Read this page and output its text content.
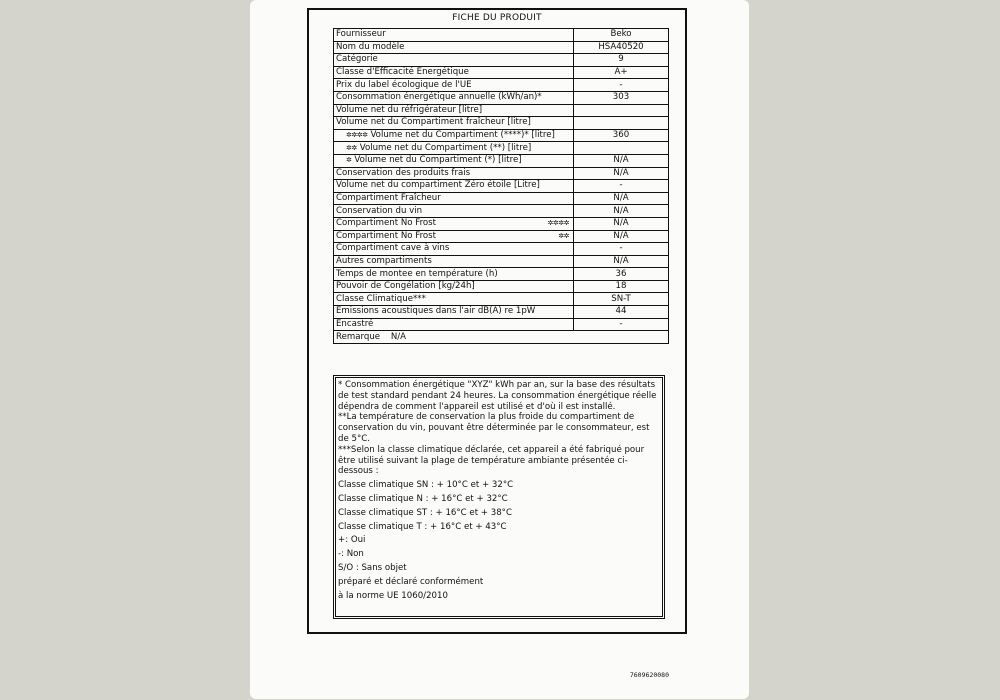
FICHE DU PRODUIT
Fournisseur	Beko
Nom du modèle	HSA40520
Catégorie	9
Classe d'Efficacité Energétique	A+
Prix du label écologique de l'UE	-
Consommation énergétique annuelle (kWh/an)*	303
Volume net du réfrigérateur [litre]	
Volume net du Compartiment fraîcheur [litre]	
✲✲✲✲ Volume net du Compartiment (****)* [litre]	360
✲✲ Volume net du Compartiment (**) [litre]	
✲ Volume net du Compartiment (*) [litre]	N/A
Conservation des produits frais	N/A
Volume net du compartiment Zéro étoile [Litre]	-
Compartiment Fraîcheur	N/A
Conservation du vin	N/A
Compartiment No Frost ✲✲✲✲	N/A
Compartiment No Frost ✲✲	N/A
Compartiment cave à vins	-
Autres compartiments	N/A
Temps de montee en température (h)	36
Pouvoir de Congélation [kg/24h]	18
Classe Climatique***	SN-T
Emissions acoustiques dans l'air dB(A) re 1pW	44
Encastré	-
Remarque N/A	

* Consommation énergétique "XYZ" kWh par an, sur la base des résultats de test standard pendant 24 heures. La consommation énergétique réelle dépendra de comment l'appareil est utilisé et d'où il est installé.

**La température de conservation la plus froide du compartiment de conservation du vin, pouvant être déterminée par le consommateur, est de 5°C.

***Selon la classe climatique déclarée, cet appareil a été fabriqué pour être utilisé suivant la plage de température ambiante présentée ci-dessous :

Classe climatique SN : + 10°C et + 32°C

Classe climatique N : + 16°C et + 32°C

Classe climatique ST : + 16°C et + 38°C

Classe climatique T : + 16°C et + 43°C

+: Oui

-: Non

S/O : Sans objet

préparé et déclaré conformément

à la norme UE 1060/2010

7609620080
